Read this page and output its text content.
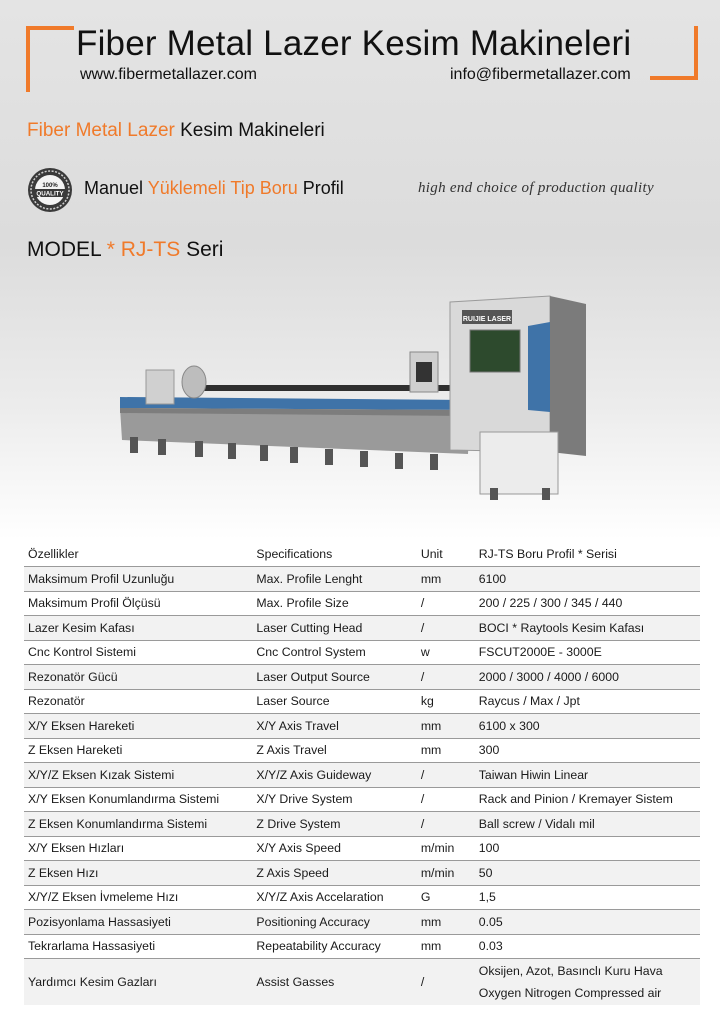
Fiber Metal Lazer Kesim Makineleri
www.fibermetallazer.com	info@fibermetallazer.com
Fiber Metal Lazer Kesim Makineleri
100%
QUALITY Manuel Yüklemeli Tip Boru Profil	high end choice of production quality
MODEL * RJ-TS Seri
RUIJIE LASER
Özellikler	Specifications	Unit	RJ-TS Boru Profil * Serisi
Maksimum Profil Uzunluğu	Max. Profile Lenght	mm	6100
Maksimum Profil Ölçüsü	Max. Profile Size	/	200 / 225 / 300 / 345 / 440
Lazer Kesim Kafası	Laser Cutting Head	/	BOCI * Raytools Kesim Kafası
Cnc Kontrol Sistemi	Cnc Control System	w	FSCUT2000E - 3000E
Rezonatör Gücü	Laser Output Source	/	2000 / 3000 / 4000 / 6000
Rezonatör	Laser Source	kg	Raycus / Max / Jpt
X/Y Eksen Hareketi	X/Y Axis Travel	mm	6100 x 300
Z Eksen Hareketi	Z Axis Travel	mm	300
X/Y/Z Eksen Kızak Sistemi	X/Y/Z Axis Guideway	/	Taiwan Hiwin Linear
X/Y Eksen Konumlandırma Sistemi	X/Y Drive System	/	Rack and Pinion / Kremayer Sistem
Z Eksen Konumlandırma Sistemi	Z Drive System	/	Ball screw / Vidalı mil
X/Y Eksen Hızları	X/Y Axis Speed	m/min	100
Z Eksen Hızı	Z Axis Speed	m/min	50
X/Y/Z Eksen İvmeleme Hızı	X/Y/Z Axis Accelaration	G	1,5
Pozisyonlama Hassasiyeti	Positioning Accuracy	mm	0.05
Tekrarlama Hassasiyeti	Repeatability Accuracy	mm	0.03
Yardımcı Kesim Gazları	Assist Gasses	/	Oksijen, Azot, Basınclı Kuru Hava
Oxygen Nitrogen Compressed air
